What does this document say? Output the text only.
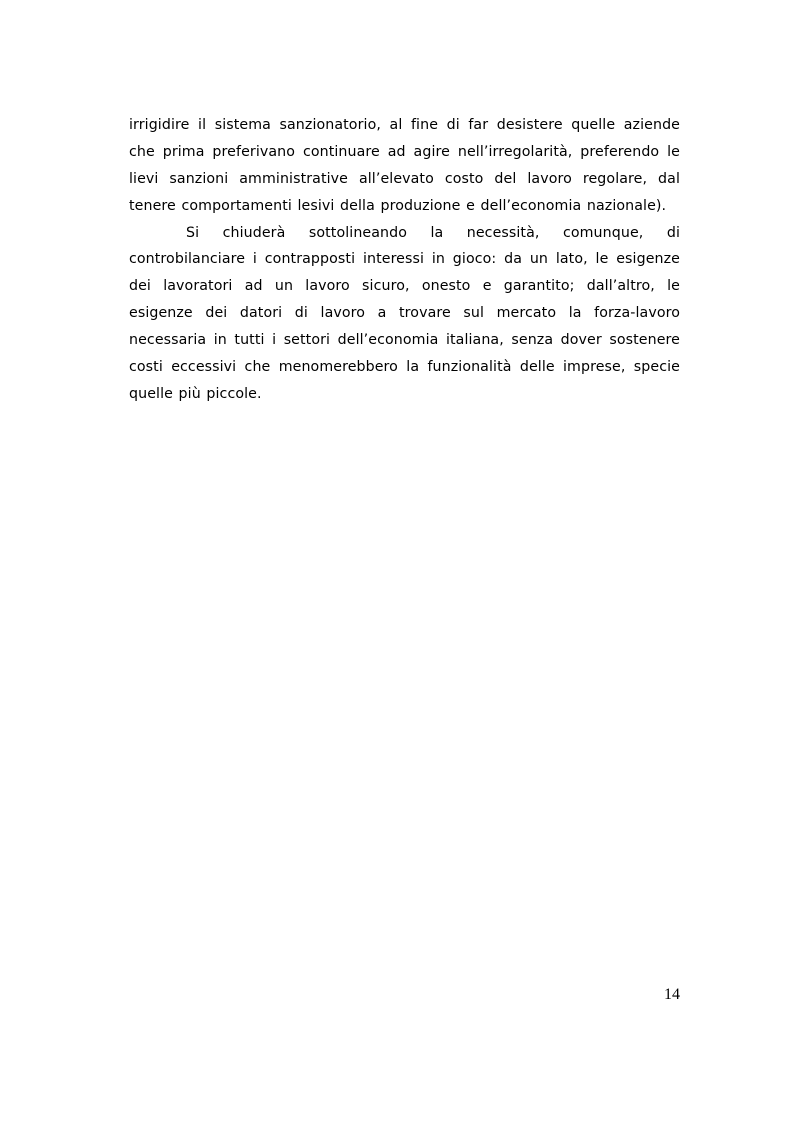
irrigidire il sistema sanzionatorio, al fine di far desistere quelle aziende
che prima preferivano continuare ad agire nell’irregolarità, preferendo le
lievi sanzioni amministrative all’elevato costo del lavoro regolare, dal
tenere comportamenti lesivi della produzione e dell’economia nazionale).
Si chiuderà sottolineando la necessità, comunque, di
controbilanciare i contrapposti interessi in gioco: da un lato, le esigenze
dei lavoratori ad un lavoro sicuro, onesto e garantito; dall’altro, le
esigenze dei datori di lavoro a trovare sul mercato la forza-lavoro
necessaria in tutti i settori dell’economia italiana, senza dover sostenere
costi eccessivi che menomerebbero la funzionalità delle imprese, specie
quelle più piccole.
14
